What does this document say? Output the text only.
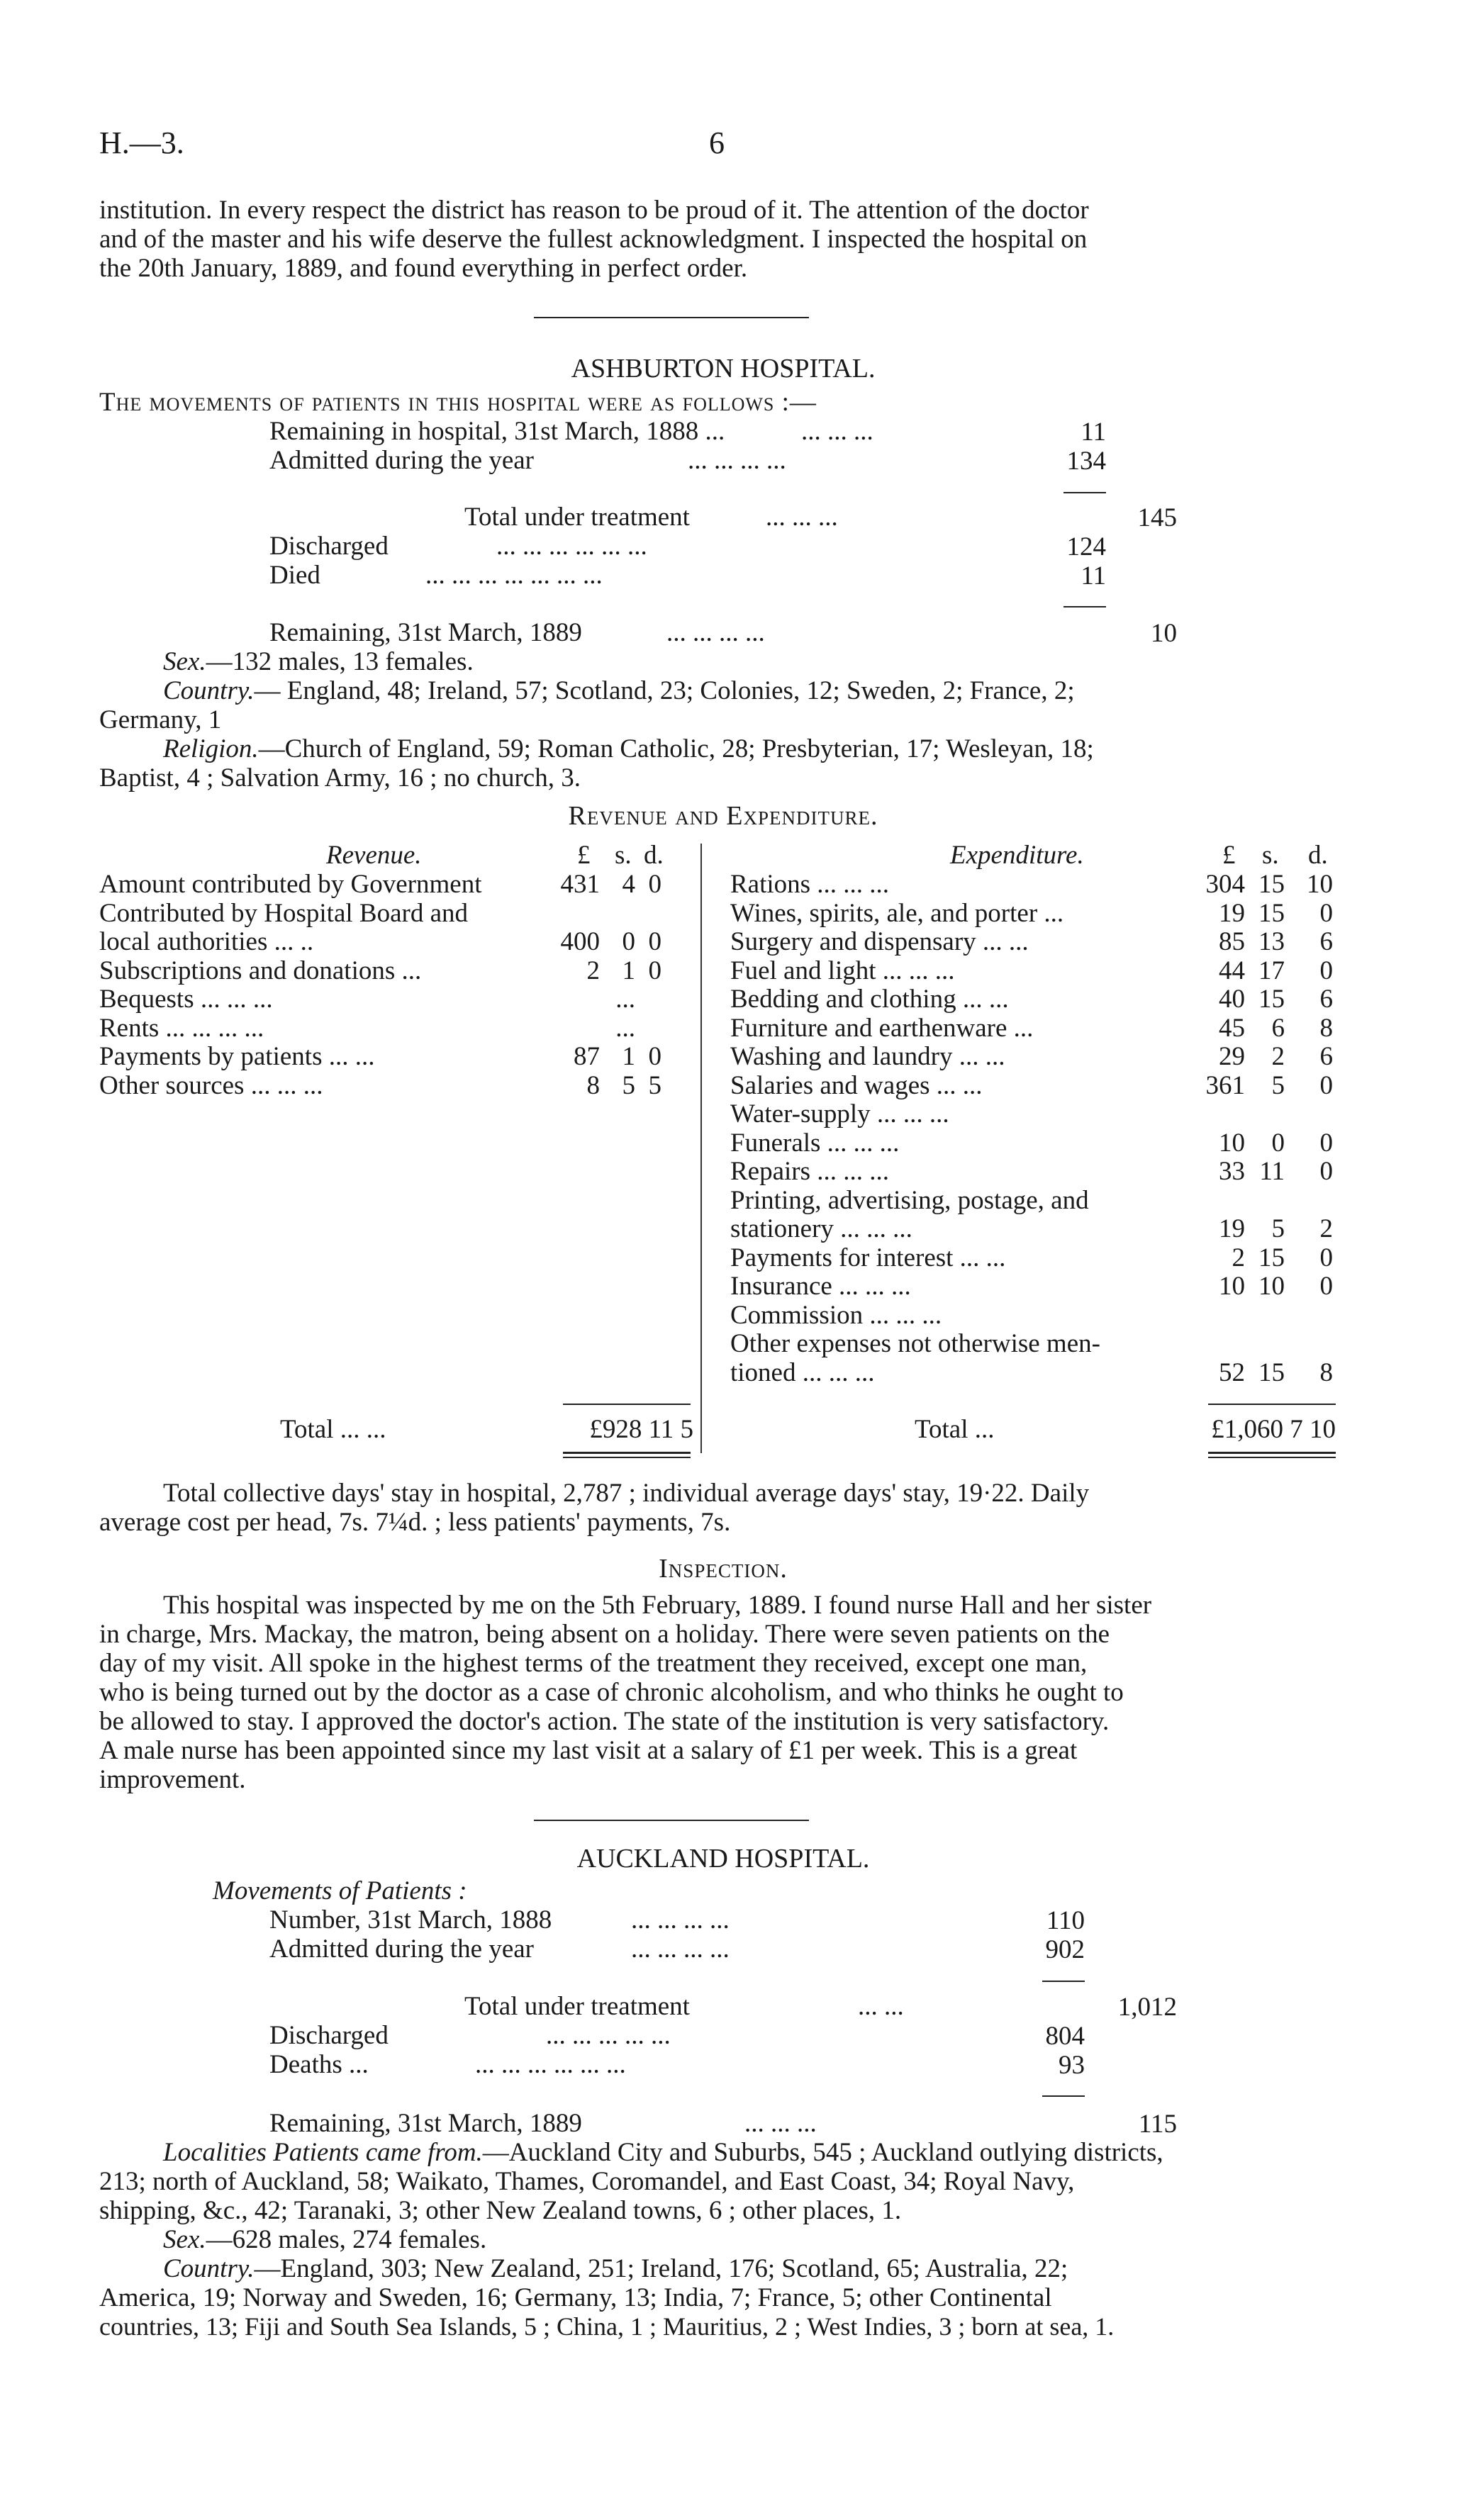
H.—3.	6
institution. In every respect the district has reason to be proud of it. The attention of the doctor
and of the master and his wife deserve the fullest acknowledgment. I inspected the hospital on
the 20th January, 1889, and found everything in perfect order.
ASHBURTON HOSPITAL.
The movements of patients in this hospital were as follows :—
Remaining in hospital, 31st March, 1888 ...	... ... ...	11
Admitted during the year	... ... ... ...	134
Total under treatment	... ... ...	145
Discharged	... ... ... ... ... ...	124
Died	... ... ... ... ... ... ...	11
Remaining, 31st March, 1889	... ... ... ...	10
Sex.—132 males, 13 females.
Country.— England, 48; Ireland, 57; Scotland, 23; Colonies, 12; Sweden, 2; France, 2;
Germany, 1
Religion.—Church of England, 59; Roman Catholic, 28; Presbyterian, 17; Wesleyan, 18;
Baptist, 4 ; Salvation Army, 16 ; no church, 3.
Revenue and Expenditure.
Revenue.	£ s. d.	Expenditure.	£ s. d.
Amount contributed by Government	431 4 0
Contributed by Hospital Board and
local authorities ... ..	400 0 0
Subscriptions and donations ...	2 1 0
Bequests ... ... ...	...
Rents ... ... ... ...	...
Payments by patients ... ...	87 1 0
Other sources ... ... ...	8 5 5
Rations ... ... ...	304 15 10
Wines, spirits, ale, and porter ...	19 15	0
Surgery and dispensary ... ...	85 13	6
Fuel and light ... ... ...	44 17	0
Bedding and clothing ... ...	40 15	6
Furniture and earthenware ...	45	6	8
Washing and laundry ... ...	29	2	6
Salaries and wages ... ...	361	5	0
Water-supply ... ... ...
Funerals ... ... ...	10	0	0
Repairs ... ... ...	33 11	0
Printing, advertising, postage, and
stationery ... ... ...	19	5	2
Payments for interest ... ...	2 15	0
Insurance ... ... ...	10 10	0
Commission ... ... ...
Other expenses not otherwise men-
tioned ... ... ...	52 15	8
Total ... ...	£928 11 5	Total ...	£1,060 7 10
Total collective days' stay in hospital, 2,787 ; individual average days' stay, 19·22. Daily
average cost per head, 7s. 7¼d. ; less patients' payments, 7s.
Inspection.
This hospital was inspected by me on the 5th February, 1889. I found nurse Hall and her sister
in charge, Mrs. Mackay, the matron, being absent on a holiday. There were seven patients on the
day of my visit. All spoke in the highest terms of the treatment they received, except one man,
who is being turned out by the doctor as a case of chronic alcoholism, and who thinks he ought to
be allowed to stay. I approved the doctor's action. The state of the institution is very satisfactory.
A male nurse has been appointed since my last visit at a salary of £1 per week. This is a great
improvement.
AUCKLAND HOSPITAL.
Movements of Patients :
Number, 31st March, 1888	... ... ... ...	110
Admitted during the year	... ... ... ...	902
Total under treatment	... ...	1,012
Discharged	... ... ... ... ...	804
Deaths ...	... ... ... ... ... ...	93
Remaining, 31st March, 1889	... ... ...	115
Localities Patients came from.—Auckland City and Suburbs, 545 ; Auckland outlying districts,
213; north of Auckland, 58; Waikato, Thames, Coromandel, and East Coast, 34; Royal Navy,
shipping, &c., 42; Taranaki, 3; other New Zealand towns, 6 ; other places, 1.
Sex.—628 males, 274 females.
Country.—England, 303; New Zealand, 251; Ireland, 176; Scotland, 65; Australia, 22;
America, 19; Norway and Sweden, 16; Germany, 13; India, 7; France, 5; other Continental
countries, 13; Fiji and South Sea Islands, 5 ; China, 1 ; Mauritius, 2 ; West Indies, 3 ; born at sea, 1.
